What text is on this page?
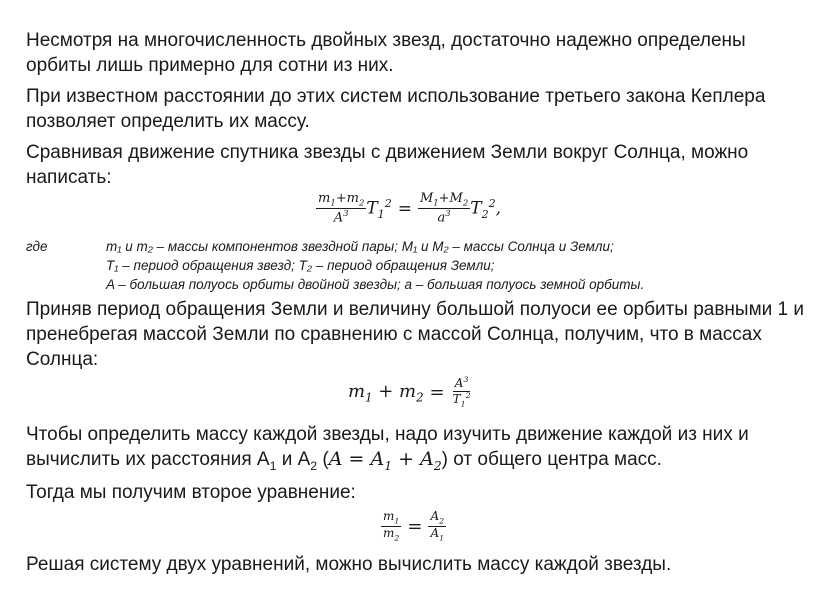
Несмотря на многочисленность двойных звезд, достаточно надежно определены орбиты лишь примерно для сотни из них.

При известном расстоянии до этих систем использование третьего закона Кеплера позволяет определить их массу.

Сравнивая движение спутника звезды с движением Земли вокруг Солнца, можно написать:

$\frac{m_1+m_2}{A^3} T_1^2 = \frac{M_1+M_2}{a^3} T_2^2$,
где	m₁ и m₂ – массы компонентов звездной пары; M₁ и M₂ – массы Солнца и Земли;
T₁ – период обращения звезд; T₂ – период обращения Земли;
A – большая полуось орбиты двойной звезды; a – большая полуось земной орбиты.

Приняв период обращения Земли и величину большой полуоси ее орбиты равными 1 и пренебрегая массой Земли по сравнению с массой Солнца, получим, что в массах Солнца:

$m_1 + m_2 = \frac{A^3}{T_1^2}$

Чтобы определить массу каждой звезды, надо изучить движение каждой из них и вычислить их расстояния $А_1$ и $А_2$ $(A = A_1 + A_2)$ от общего центра масс.

Тогда мы получим второе уравнение:

$\frac{m_1}{m_2} = \frac{A_2}{A_1}$

Решая систему двух уравнений, можно вычислить массу каждой звезды.
